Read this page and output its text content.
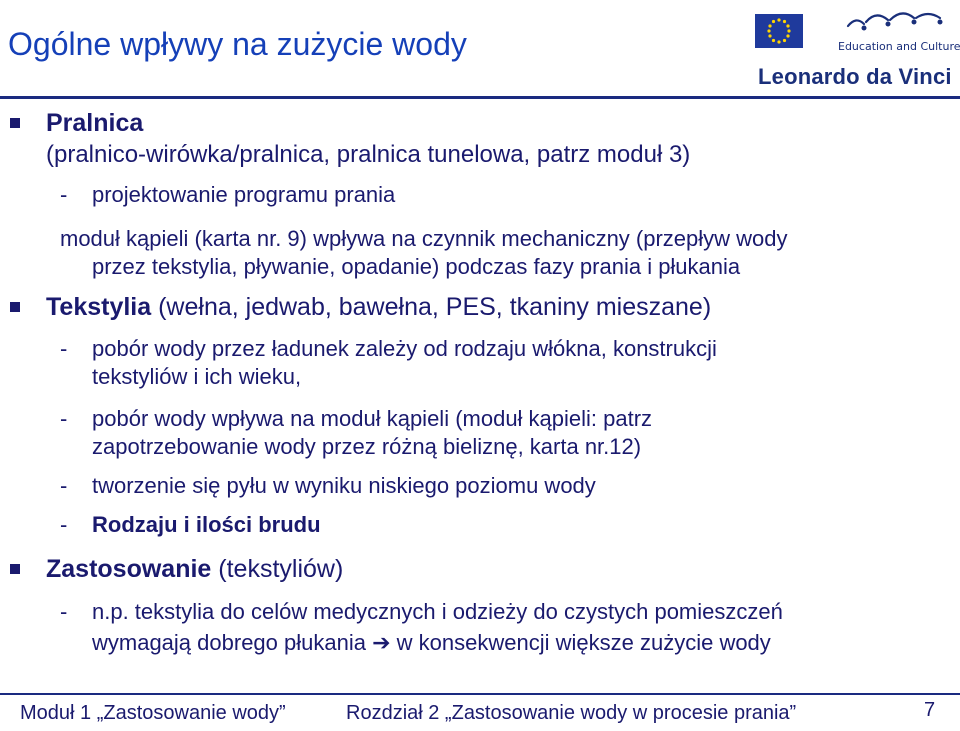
Ogólne wpływy na zużycie wody	Education and Culture
Leonardo da Vinci
Pralnica
(pralnico-wirówka/pralnica, pralnica tunelowa, patrz moduł 3)
- projektowanie programu prania
moduł kąpieli (karta nr. 9) wpływa na czynnik mechaniczny (przepływ wody
przez tekstylia, pływanie, opadanie) podczas fazy prania i płukania
Tekstylia (wełna, jedwab, bawełna, PES, tkaniny mieszane)
- pobór wody przez ładunek zależy od rodzaju włókna, konstrukcji
tekstyliów i ich wieku,
- pobór wody wpływa na moduł kąpieli (moduł kąpieli: patrz
zapotrzebowanie wody przez różną bieliznę, karta nr.12)
- tworzenie się pyłu w wyniku niskiego poziomu wody
- Rodzaju i ilości brudu
Zastosowanie (tekstyliów)
- n.p. tekstylia do celów medycznych i odzieży do czystych pomieszczeń
wymagają dobrego płukania ➔ w konsekwencji większe zużycie wody
Moduł 1 „Zastosowanie wody”	Rozdział 2 „Zastosowanie wody w procesie prania”	7
